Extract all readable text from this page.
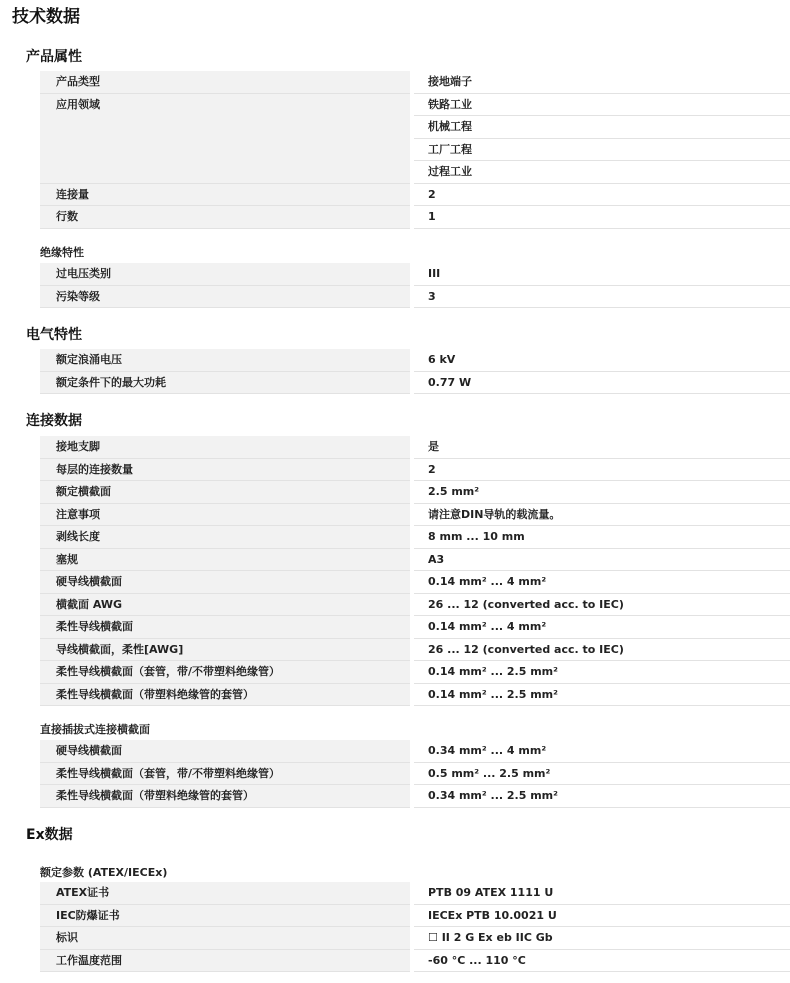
技术数据
产品属性
产品类型	接地端子
应用领域	铁路工业
机械工程
工厂工程
过程工业
连接量	2
行数	1
绝缘特性
过电压类别	III
污染等级	3
电气特性
额定浪涌电压	6 kV
额定条件下的最大功耗	0.77 W
连接数据
接地支脚	是
每层的连接数量	2
额定横截面	2.5 mm²
注意事项	请注意DIN导轨的载流量。
剥线长度	8 mm ... 10 mm
塞规	A3
硬导线横截面	0.14 mm² ... 4 mm²
横截面 AWG	26 ... 12 (converted acc. to IEC)
柔性导线横截面	0.14 mm² ... 4 mm²
导线横截面，柔性[AWG]	26 ... 12 (converted acc. to IEC)
柔性导线横截面（套管，带/不带塑料绝缘管）	0.14 mm² ... 2.5 mm²
柔性导线横截面（带塑料绝缘管的套管）	0.14 mm² ... 2.5 mm²
直接插拔式连接横截面
硬导线横截面	0.34 mm² ... 4 mm²
柔性导线横截面（套管，带/不带塑料绝缘管）	0.5 mm² ... 2.5 mm²
柔性导线横截面（带塑料绝缘管的套管）	0.34 mm² ... 2.5 mm²
Ex数据
额定参数 (ATEX/IECEx)
ATEX证书	PTB 09 ATEX 1111 U
IEC防爆证书	IECEx PTB 10.0021 U
标识	☐ II 2 G Ex eb IIC Gb
工作温度范围	-60 °C ... 110 °C
